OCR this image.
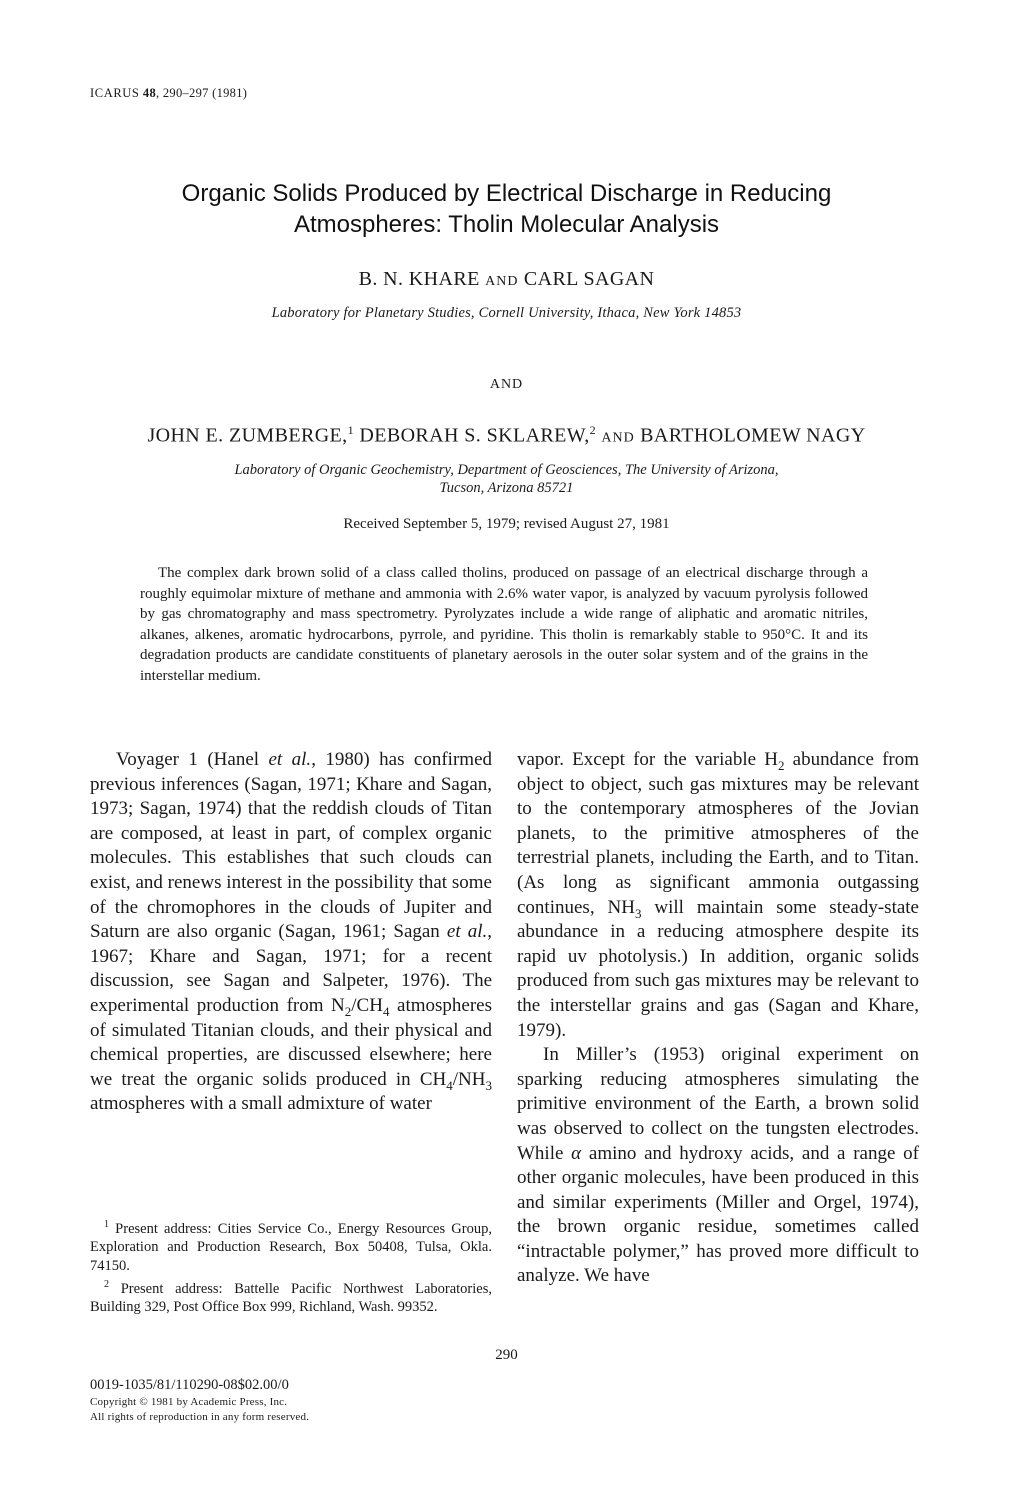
ICARUS 48, 290–297 (1981)
Organic Solids Produced by Electrical Discharge in Reducing
Atmospheres: Tholin Molecular Analysis
B. N. KHARE AND CARL SAGAN
Laboratory for Planetary Studies, Cornell University, Ithaca, New York 14853
AND
JOHN E. ZUMBERGE,$^1$ DEBORAH S. SKLAREW,$^2$ AND BARTHOLOMEW NAGY
Laboratory of Organic Geochemistry, Department of Geosciences, The University of Arizona,
Tucson, Arizona 85721
Received September 5, 1979; revised August 27, 1981
The complex dark brown solid of a class called tholins, produced on passage of an electrical discharge through a roughly equimolar mixture of methane and ammonia with 2.6% water vapor, is analyzed by vacuum pyrolysis followed by gas chromatography and mass spectrometry. Pyrolyzates include a wide range of aliphatic and aromatic nitriles, alkanes, alkenes, aromatic hydrocarbons, pyrrole, and pyridine. This tholin is remarkably stable to 950°C. It and its degradation products are candidate constituents of planetary aerosols in the outer solar system and of the grains in the interstellar medium.

Voyager 1 (Hanel et al., 1980) has confirmed previous inferences (Sagan, 1971; Khare and Sagan, 1973; Sagan, 1974) that the reddish clouds of Titan are composed, at least in part, of complex organic molecules. This establishes that such clouds can exist, and renews interest in the possibility that some of the chromophores in the clouds of Jupiter and Saturn are also organic (Sagan, 1961; Sagan et al., 1967; Khare and Sagan, 1971; for a recent discussion, see Sagan and Salpeter, 1976). The experimental production from $N_2/CH_4$ atmospheres of simulated Titanian clouds, and their physical and chemical properties, are discussed elsewhere; here we treat the organic solids produced in $CH_4/NH_3$ atmospheres with a small admixture of water

$^1$ Present address: Cities Service Co., Energy Resources Group, Exploration and Production Research, Box 50408, Tulsa, Okla. 74150.

$^2$ Present address: Battelle Pacific Northwest Laboratories, Building 329, Post Office Box 999, Richland, Wash. 99352.

vapor. Except for the variable $H_2$ abundance from object to object, such gas mixtures may be relevant to the contemporary atmospheres of the Jovian planets, to the primitive atmospheres of the terrestrial planets, including the Earth, and to Titan. (As long as significant ammonia outgassing continues, $NH_3$ will maintain some steady-state abundance in a reducing atmosphere despite its rapid uv photolysis.) In addition, organic solids produced from such gas mixtures may be relevant to the interstellar grains and gas (Sagan and Khare, 1979).

In Miller’s (1953) original experiment on sparking reducing atmospheres simulating the primitive environment of the Earth, a brown solid was observed to collect on the tungsten electrodes. While α amino and hydroxy acids, and a range of other organic molecules, have been produced in this and similar experiments (Miller and Orgel, 1974), the brown organic residue, sometimes called “intractable polymer,” has proved more difficult to analyze. We have

290
0019-1035/81/110290-08$02.00/0
Copyright © 1981 by Academic Press, Inc.
All rights of reproduction in any form reserved.
